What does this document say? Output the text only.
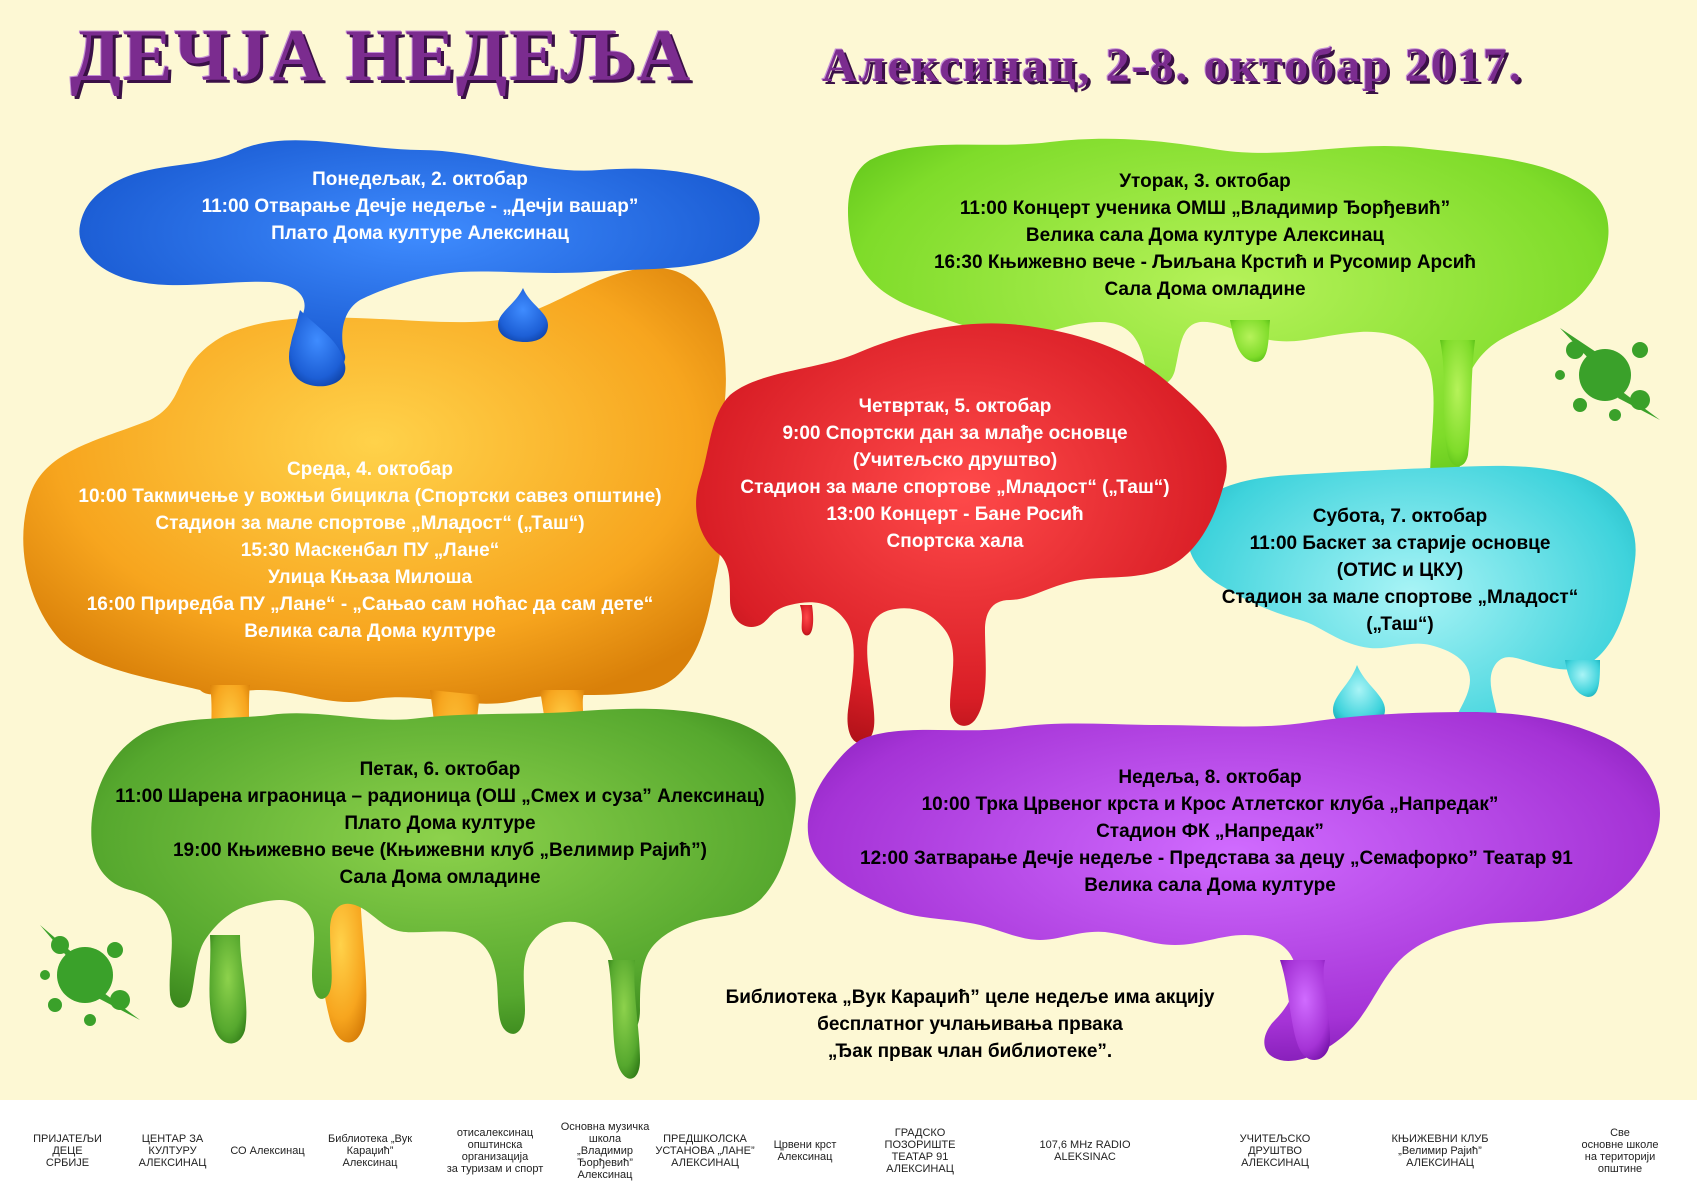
ДЕЧЈА НЕДЕЉА	Алексинац, 2-8. октобар 2017.
Понедељак, 2. октобар
11:00 Отварање Дечје недеље - „Дечји вашар”
Плато Дома културе Алексинац
Уторак, 3. октобар
11:00 Концерт ученика ОМШ „Владимир Ђорђевић”
Велика сала Дома културе Алексинац
16:30 Књижевно вече - Љиљана Крстић и Русомир Арсић
Сала Дома омладине
Среда, 4. октобар
10:00 Такмичење у вожњи бицикла (Спортски савез општине)
Стадион за мале спортове „Младост“ („Таш“)
15:30 Маскенбал ПУ „Лане“
Улица Књаза Милоша
16:00 Приредба ПУ „Лане“ - „Сањао сам ноћас да сам дете“
Велика сала Дома културе
Четвртак, 5. октобар
9:00 Спортски дан за млађе основце
(Учитељско друштво)
Стадион за мале спортове „Младост“ („Таш“)
13:00 Концерт - Бане Росић
Спортска хала
Субота, 7. октобар
11:00 Баскет за старије основце
(ОТИС и ЦКУ)
Стадион за мале спортове „Младост“
(„Таш“)
Петак, 6. октобар
11:00 Шарена играоница – радионица (ОШ „Смех и суза” Алексинац)
Плато Дома културе
19:00 Књижевно вече (Књижевни клуб „Велимир Рајић”)
Сала Дома омладине
Недеља, 8. октобар
10:00 Трка Црвеног крста и Крос Атлетског клуба „Напредак”
Стадион ФК „Напредак”
12:00 Затварање Дечје недеље - Представа за децу „Семафорко” Театар 91
Велика сала Дома културе
Библиотека „Вук Караџић” целе недеље има акцију
бесплатног учлањивања првака
„Ђак првак члан библиотеке”.
ПРИЈАТЕЉИ
ДЕЦЕ
СРБИЈЕ
ЦЕНТАР ЗА КУЛТУРУ
АЛЕКСИНАЦ
СО Алексинац
Библиотека „Вук Караџић”
Алексинац
отисалексинац
општинска организација
за туризам и спорт
Основна музичка школа
„Владимир Ђорђевић”
Алексинац
ПРЕДШКОЛСКА УСТАНОВА „ЛАНЕ”
АЛЕКСИНАЦ
Црвени крст
Алексинац
ГРАДСКО ПОЗОРИШТЕ
ТЕАТАР 91
АЛЕКСИНАЦ
107,6 MHz RADIO
ALEKSINAC
УЧИТЕЉСКО
ДРУШТВО
АЛЕКСИНАЦ
КЊИЖЕВНИ КЛУБ
„Велимир Рајић”
АЛЕКСИНАЦ
Све
основне школе
на територији
општине
